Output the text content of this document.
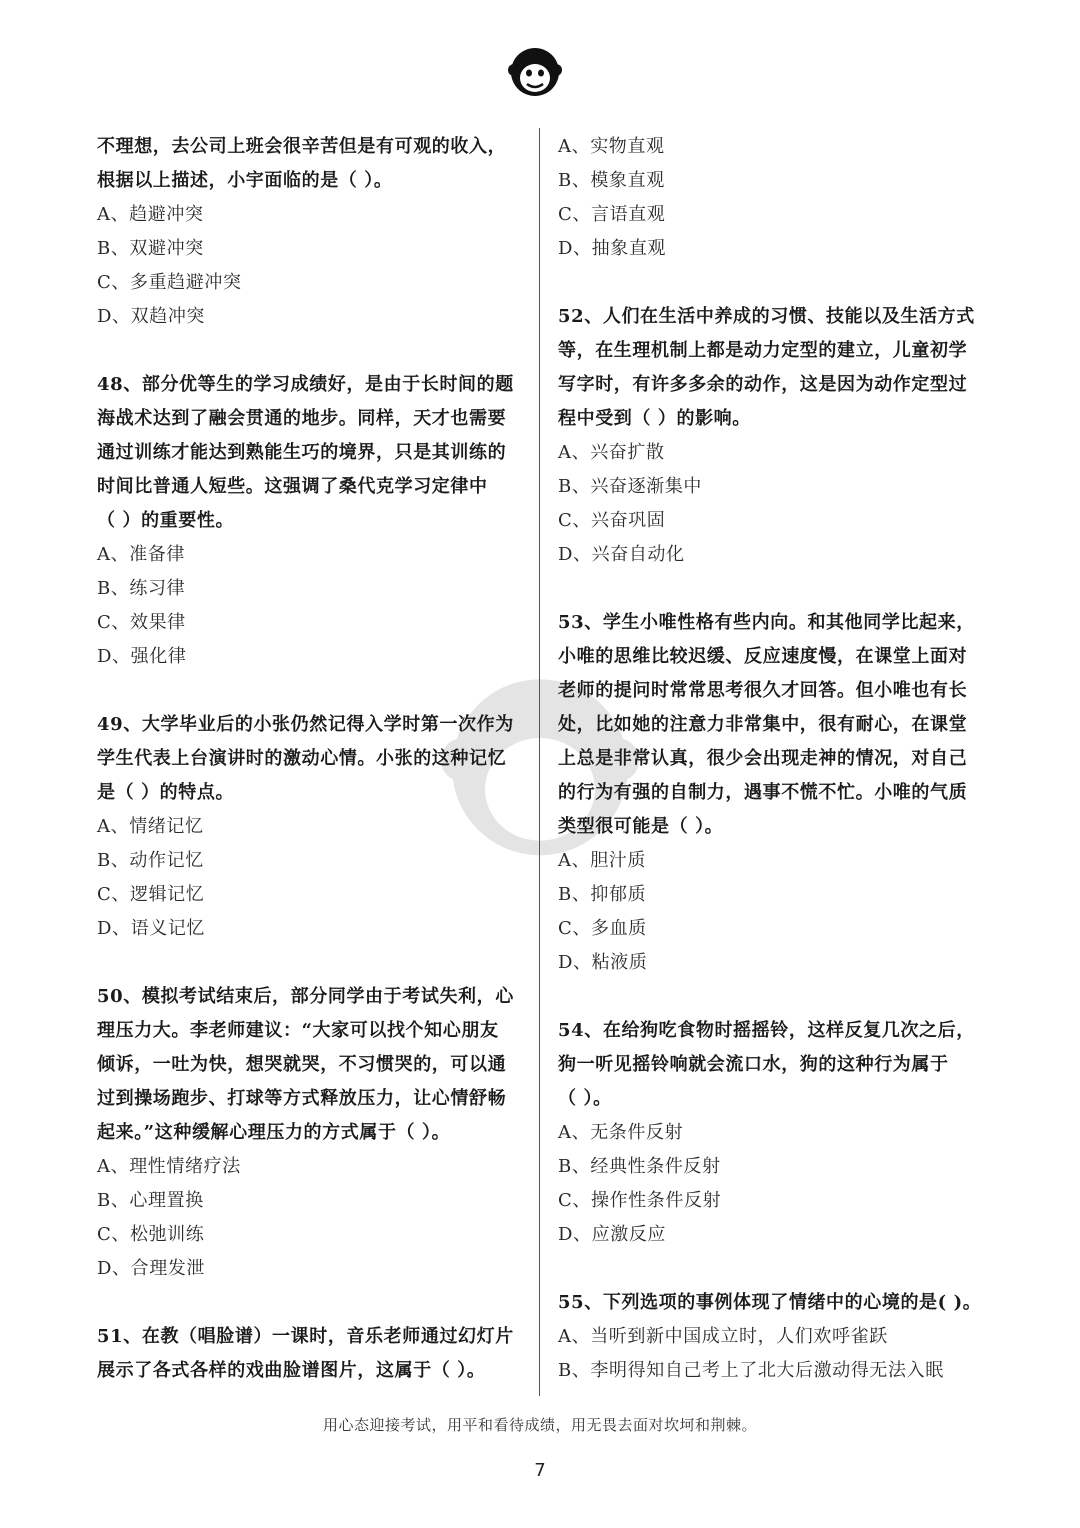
不理想，去公司上班会很辛苦但是有可观的收入，
根据以上描述，小宇面临的是（ ）。
A、趋避冲突
B、双避冲突
C、多重趋避冲突
D、双趋冲突
48、部分优等生的学习成绩好，是由于长时间的题
海战术达到了融会贯通的地步。同样，天才也需要
通过训练才能达到熟能生巧的境界，只是其训练的
时间比普通人短些。这强调了桑代克学习定律中
（ ）的重要性。
A、准备律
B、练习律
C、效果律
D、强化律
49、大学毕业后的小张仍然记得入学时第一次作为
学生代表上台演讲时的激动心情。小张的这种记忆
是（ ）的特点。
A、情绪记忆
B、动作记忆
C、逻辑记忆
D、语义记忆
50、模拟考试结束后，部分同学由于考试失利，心
理压力大。李老师建议：“大家可以找个知心朋友
倾诉，一吐为快，想哭就哭，不习惯哭的，可以通
过到操场跑步、打球等方式释放压力，让心情舒畅
起来。”这种缓解心理压力的方式属于（ ）。
A、理性情绪疗法
B、心理置换
C、松弛训练
D、合理发泄
51、在教（唱脸谱）一课时，音乐老师通过幻灯片
展示了各式各样的戏曲脸谱图片，这属于（ ）。
A、实物直观
B、模象直观
C、言语直观
D、抽象直观
52、人们在生活中养成的习惯、技能以及生活方式
等，在生理机制上都是动力定型的建立，儿童初学
写字时，有许多多余的动作，这是因为动作定型过
程中受到（ ）的影响。
A、兴奋扩散
B、兴奋逐渐集中
C、兴奋巩固
D、兴奋自动化
53、学生小唯性格有些内向。和其他同学比起来，
小唯的思维比较迟缓、反应速度慢，在课堂上面对
老师的提问时常常思考很久才回答。但小唯也有长
处，比如她的注意力非常集中，很有耐心，在课堂
上总是非常认真，很少会出现走神的情况，对自己
的行为有强的自制力，遇事不慌不忙。小唯的气质
类型很可能是（ ）。
A、胆汁质
B、抑郁质
C、多血质
D、粘液质
54、在给狗吃食物时摇摇铃，这样反复几次之后，
狗一听见摇铃响就会流口水，狗的这种行为属于
（ ）。
A、无条件反射
B、经典性条件反射
C、操作性条件反射
D、应激反应
55、下列选项的事例体现了情绪中的心境的是( )。
A、当听到新中国成立时，人们欢呼雀跃
B、李明得知自己考上了北大后激动得无法入眠
用心态迎接考试，用平和看待成绩，用无畏去面对坎坷和荆棘。
7
